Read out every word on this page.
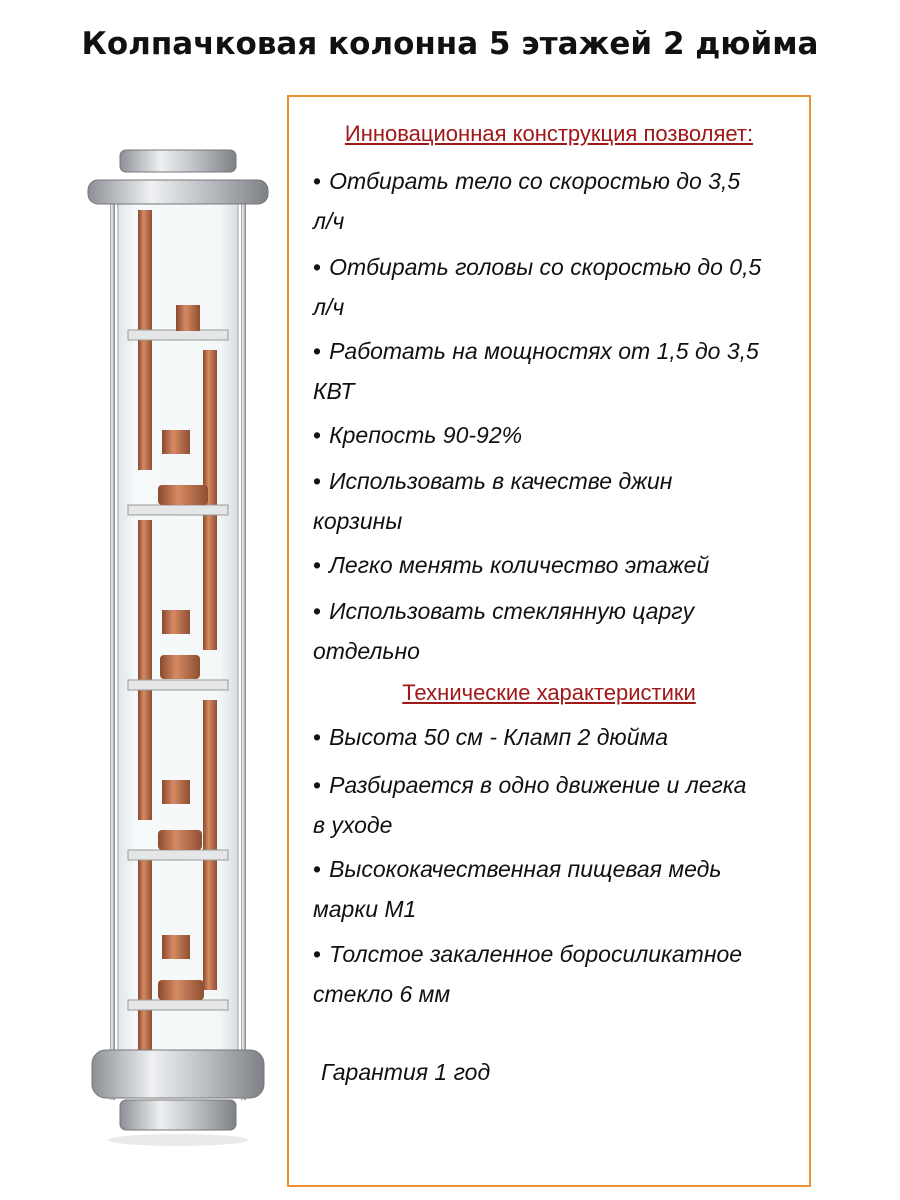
Колпачковая колонна 5 этажей 2 дюйма
Инновационная конструкция позволяет:
• Отбирать тело со скоростью до 3,5
л/ч
• Отбирать головы со скоростью до 0,5
л/ч
• Работать на мощностях от 1,5 до 3,5
КВТ
• Крепость 90-92%
• Использовать в качестве джин
корзины
• Легко менять количество этажей
• Использовать стеклянную царгу
отдельно
Технические характеристики
• Высота 50 см - Кламп 2 дюйма
• Разбирается в одно движение и легка
в уходе
• Высококачественная пищевая медь
марки М1
• Толстое закаленное боросиликатное
стекло 6 мм
Гарантия 1 год
